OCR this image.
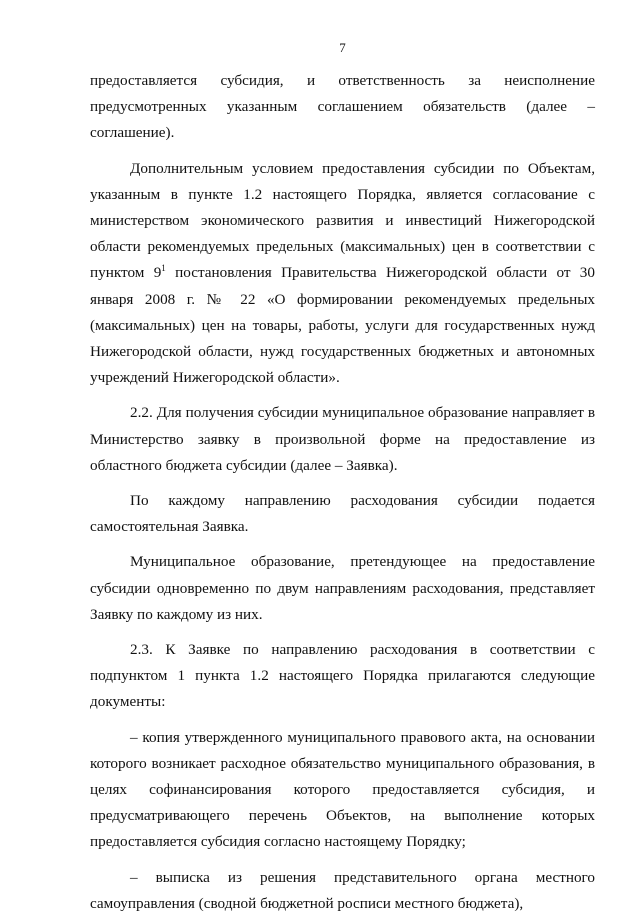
7

предоставляется субсидия, и ответственность за неисполнение предусмотренных указанным соглашением обязательств (далее – соглашение).

Дополнительным условием предоставления субсидии по Объектам, указанным в пункте 1.2 настоящего Порядка, является согласование с министерством экономического развития и инвестиций Нижегородской области рекомендуемых предельных (максимальных) цен в соответствии с пунктом $9^1$ постановления Правительства Нижегородской области от 30 января 2008 г. № 22 «О формировании рекомендуемых предельных (максимальных) цен на товары, работы, услуги для государственных нужд Нижегородской области, нужд государственных бюджетных и автономных учреждений Нижегородской области».

2.2. Для получения субсидии муниципальное образование направляет в Министерство заявку в произвольной форме на предоставление из областного бюджета субсидии (далее – Заявка).

По каждому направлению расходования субсидии подается самостоятельная Заявка.

Муниципальное образование, претендующее на предоставление субсидии одновременно по двум направлениям расходования, представляет Заявку по каждому из них.

2.3. К Заявке по направлению расходования в соответствии с подпунктом 1 пункта 1.2 настоящего Порядка прилагаются следующие документы:

– копия утвержденного муниципального правового акта, на основании которого возникает расходное обязательство муниципального образования, в целях софинансирования которого предоставляется субсидия, и предусматривающего перечень Объектов, на выполнение которых предоставляется субсидия согласно настоящему Порядку;

– выписка из решения представительного органа местного самоуправления (сводной бюджетной росписи местного бюджета),
